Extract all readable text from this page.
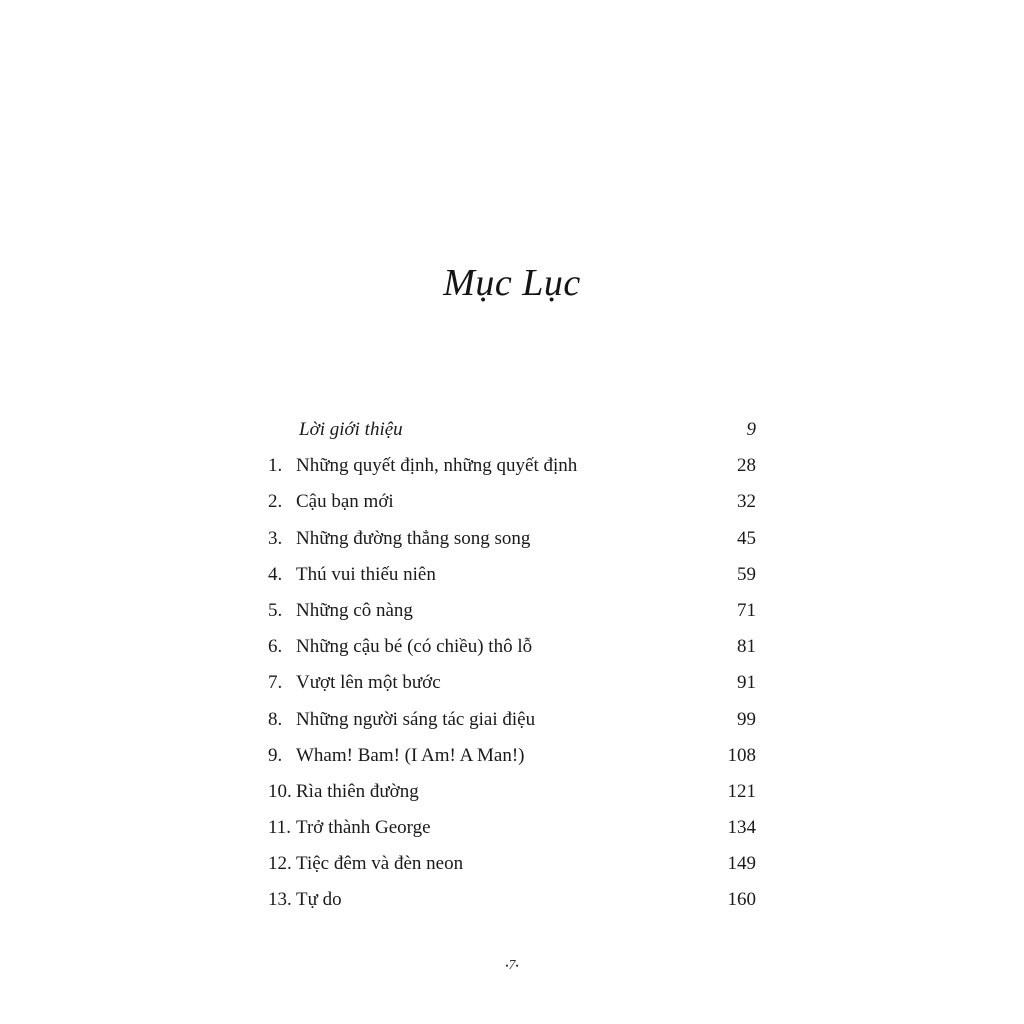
Mục Lục
Lời giới thiệu	9
1. Những quyết định, những quyết định	28
2. Cậu bạn mới	32
3. Những đường thẳng song song	45
4. Thú vui thiếu niên	59
5. Những cô nàng	71
6. Những cậu bé (có chiều) thô lỗ	81
7. Vượt lên một bước	91
8. Những người sáng tác giai điệu	99
9. Wham! Bam! (I Am! A Man!)	108
10. Rìa thiên đường	121
11. Trở thành George	134
12. Tiệc đêm và đèn neon	149
13. Tự do	160
•7•
